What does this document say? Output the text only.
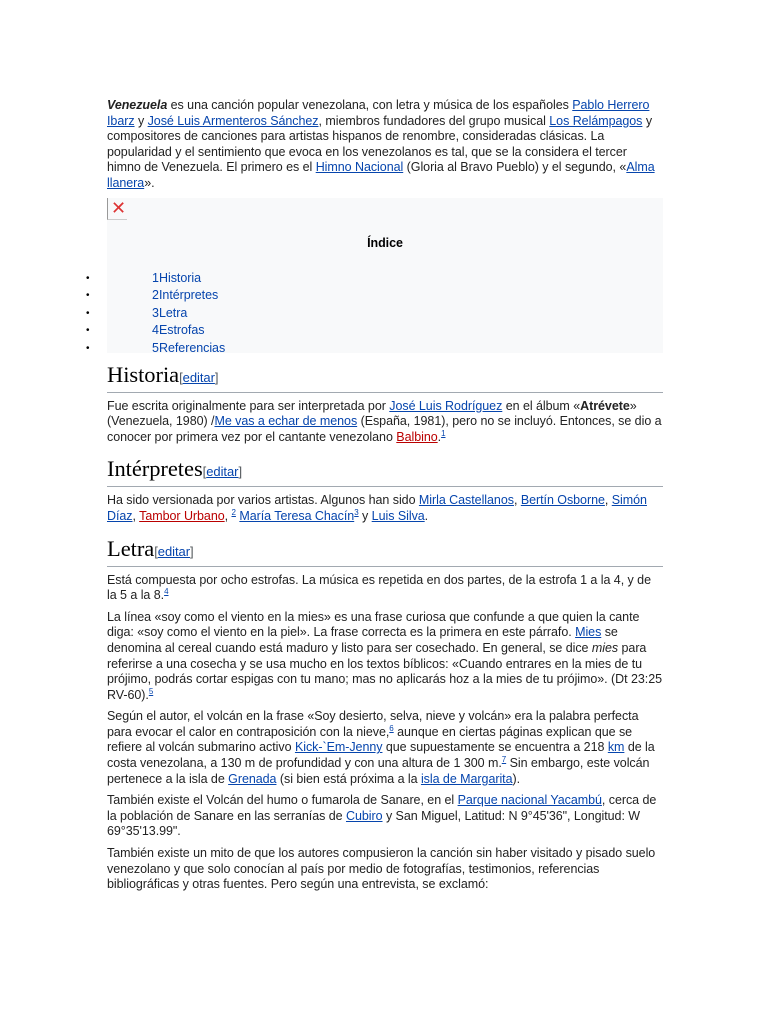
Venezuela es una canción popular venezolana, con letra y música de los españoles Pablo Herrero Ibarz y José Luis Armenteros Sánchez, miembros fundadores del grupo musical Los Relámpagos y compositores de canciones para artistas hispanos de renombre, consideradas clásicas. La popularidad y el sentimiento que evoca en los venezolanos es tal, que se la considera el tercer himno de Venezuela. El primero es el Himno Nacional (Gloria al Bravo Pueblo) y el segundo, «Alma llanera».

✕
Índice
•	1 Historia
•	2 Intérpretes
•	3 Letra
•	4 Estrofas
•	5 Referencias
Historia[editar]

Fue escrita originalmente para ser interpretada por José Luis Rodríguez en el álbum «Atrévete» (Venezuela, 1980) /Me vas a echar de menos (España, 1981), pero no se incluyó. Entonces, se dio a conocer por primera vez por el cantante venezolano Balbino.$^1$

Intérpretes[editar]

Ha sido versionada por varios artistas. Algunos han sido Mirla Castellanos, Bertín Osborne, Simón Díaz, Tambor Urbano, $^2$ María Teresa Chacín$^3$ y Luis Silva.

Letra[editar]

Está compuesta por ocho estrofas. La música es repetida en dos partes, de la estrofa 1 a la 4, y de la 5 a la 8.$^4$

La línea «soy como el viento en la mies» es una frase curiosa que confunde a que quien la cante diga: «soy como el viento en la piel». La frase correcta es la primera en este párrafo. Mies se denomina al cereal cuando está maduro y listo para ser cosechado. En general, se dice mies para referirse a una cosecha y se usa mucho en los textos bíblicos: «Cuando entrares en la mies de tu prójimo, podrás cortar espigas con tu mano; mas no aplicarás hoz a la mies de tu prójimo». (Dt 23:25 RV-60).$^5$

Según el autor, el volcán en la frase «Soy desierto, selva, nieve y volcán» era la palabra perfecta para evocar el calor en contraposición con la nieve,$^6$ aunque en ciertas páginas explican que se refiere al volcán submarino activo Kick-`Em-Jenny que supuestamente se encuentra a 218 km de la costa venezolana, a 130 m de profundidad y con una altura de 1 300 m.$^7$ Sin embargo, este volcán pertenece a la isla de Grenada (si bien está próxima a la isla de Margarita).

También existe el Volcán del humo o fumarola de Sanare, en el Parque nacional Yacambú, cerca de la población de Sanare en las serranías de Cubiro y San Miguel, Latitud: N 9°45'36", Longitud: W 69°35'13.99".

También existe un mito de que los autores compusieron la canción sin haber visitado y pisado suelo venezolano y que solo conocían al país por medio de fotografías, testimonios, referencias bibliográficas y otras fuentes. Pero según una entrevista, se exclamó:
